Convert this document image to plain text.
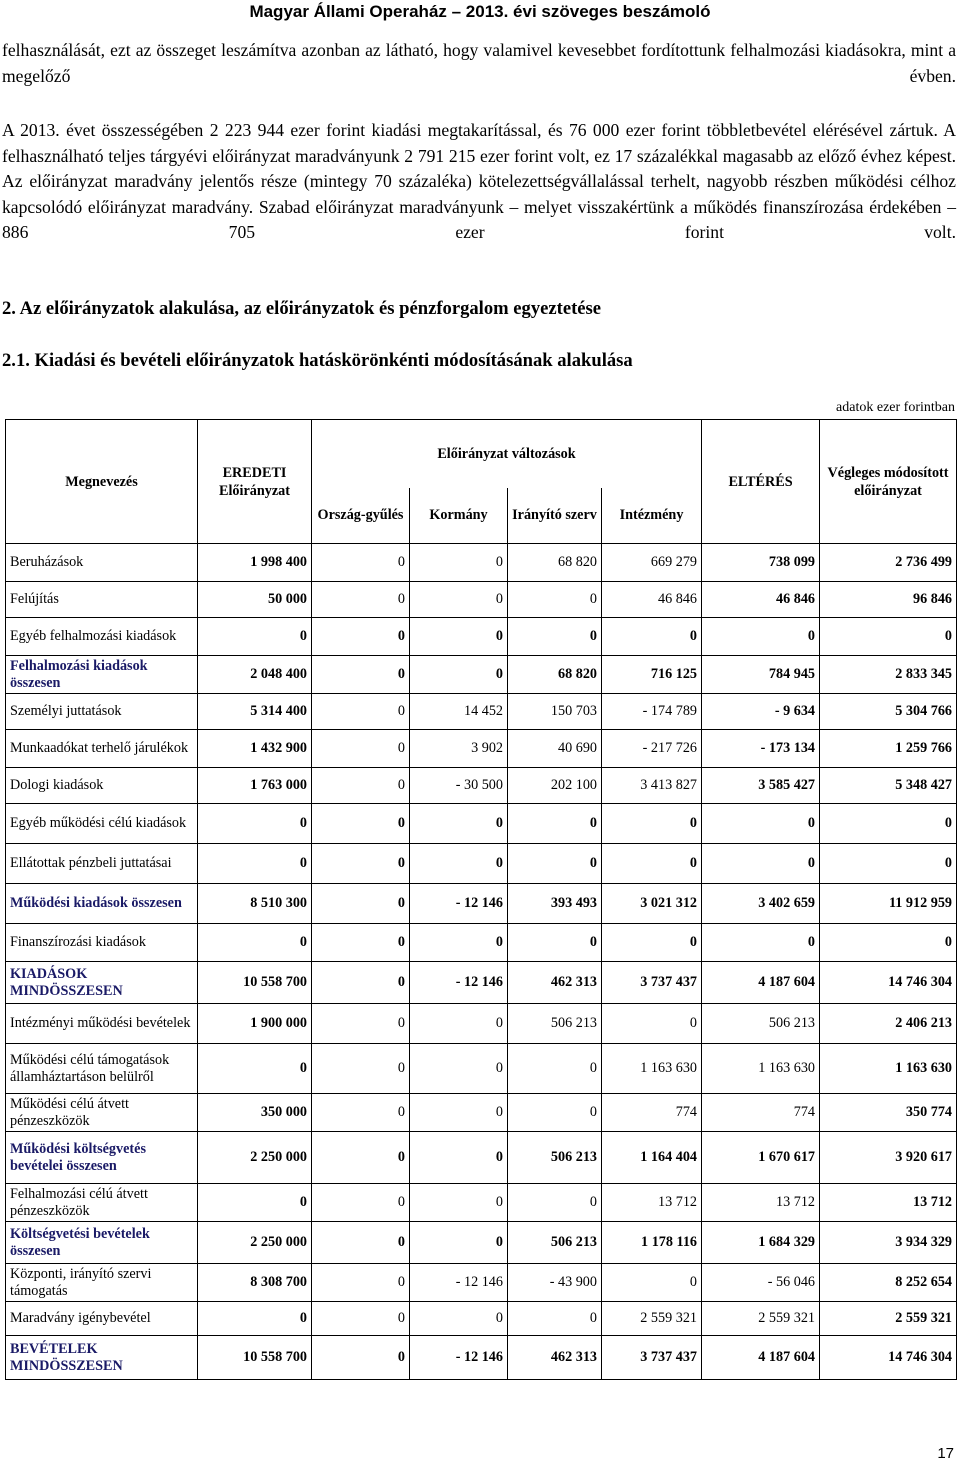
Magyar Állami Operaház – 2013. évi szöveges beszámoló

felhasználását, ezt az összeget leszámítva azonban az látható, hogy valamivel kevesebbet fordítottunk felhalmozási kiadásokra, mint a megelőző évben.

A 2013. évet összességében 2 223 944 ezer forint kiadási megtakarítással, és 76 000 ezer forint többletbevétel elérésével zártuk. A felhasználható teljes tárgyévi előirányzat maradványunk 2 791 215 ezer forint volt, ez 17 százalékkal magasabb az előző évhez képest. Az előirányzat maradvány jelentős része (mintegy 70 százaléka) kötelezettségvállalással terhelt, nagyobb részben működési célhoz kapcsolódó előirányzat maradvány. Szabad előirányzat maradványunk – melyet visszakértünk a működés finanszírozása érdekében – 886 705 ezer forint volt.

2. Az előirányzatok alakulása, az előirányzatok és pénzforgalom egyeztetése
2.1. Kiadási és bevételi előirányzatok hatáskörönkénti módosításának alakulása
adatok ezer forintban
Megnevezés	EREDETI Előirányzat	Előirányzat változások				ELTÉRÉS	Végleges módosított előirányzat
		Ország-gyűlés	Kormány	Irányító szerv	Intézmény		
Beruházások	1 998 400	0	0	68 820	669 279	738 099	2 736 499
Felújítás	50 000	0	0	0	46 846	46 846	96 846
Egyéb felhalmozási kiadások	0	0	0	0	0	0	0
Felhalmozási kiadások összesen	2 048 400	0	0	68 820	716 125	784 945	2 833 345
Személyi juttatások	5 314 400	0	14 452	150 703	- 174 789	- 9 634	5 304 766
Munkaadókat terhelő járulékok	1 432 900	0	3 902	40 690	- 217 726	- 173 134	1 259 766
Dologi kiadások	1 763 000	0	- 30 500	202 100	3 413 827	3 585 427	5 348 427
Egyéb működési célú kiadások	0	0	0	0	0	0	0
Ellátottak pénzbeli juttatásai	0	0	0	0	0	0	0
Működési kiadások összesen	8 510 300	0	- 12 146	393 493	3 021 312	3 402 659	11 912 959
Finanszírozási kiadások	0	0	0	0	0	0	0
KIADÁSOK MINDÖSSZESEN	10 558 700	0	- 12 146	462 313	3 737 437	4 187 604	14 746 304
Intézményi működési bevételek	1 900 000	0	0	506 213	0	506 213	2 406 213
Működési célú támogatások államháztartáson belülről	0	0	0	0	1 163 630	1 163 630	1 163 630
Működési célú átvett pénzeszközök	350 000	0	0	0	774	774	350 774
Működési költségvetés bevételei összesen	2 250 000	0	0	506 213	1 164 404	1 670 617	3 920 617
Felhalmozási célú átvett pénzeszközök	0	0	0	0	13 712	13 712	13 712
Költségvetési bevételek összesen	2 250 000	0	0	506 213	1 178 116	1 684 329	3 934 329
Központi, irányító szervi támogatás	8 308 700	0	- 12 146	- 43 900	0	- 56 046	8 252 654
Maradvány igénybevétel	0	0	0	0	2 559 321	2 559 321	2 559 321
BEVÉTELEK MINDÖSSZESEN	10 558 700	0	- 12 146	462 313	3 737 437	4 187 604	14 746 304
17
